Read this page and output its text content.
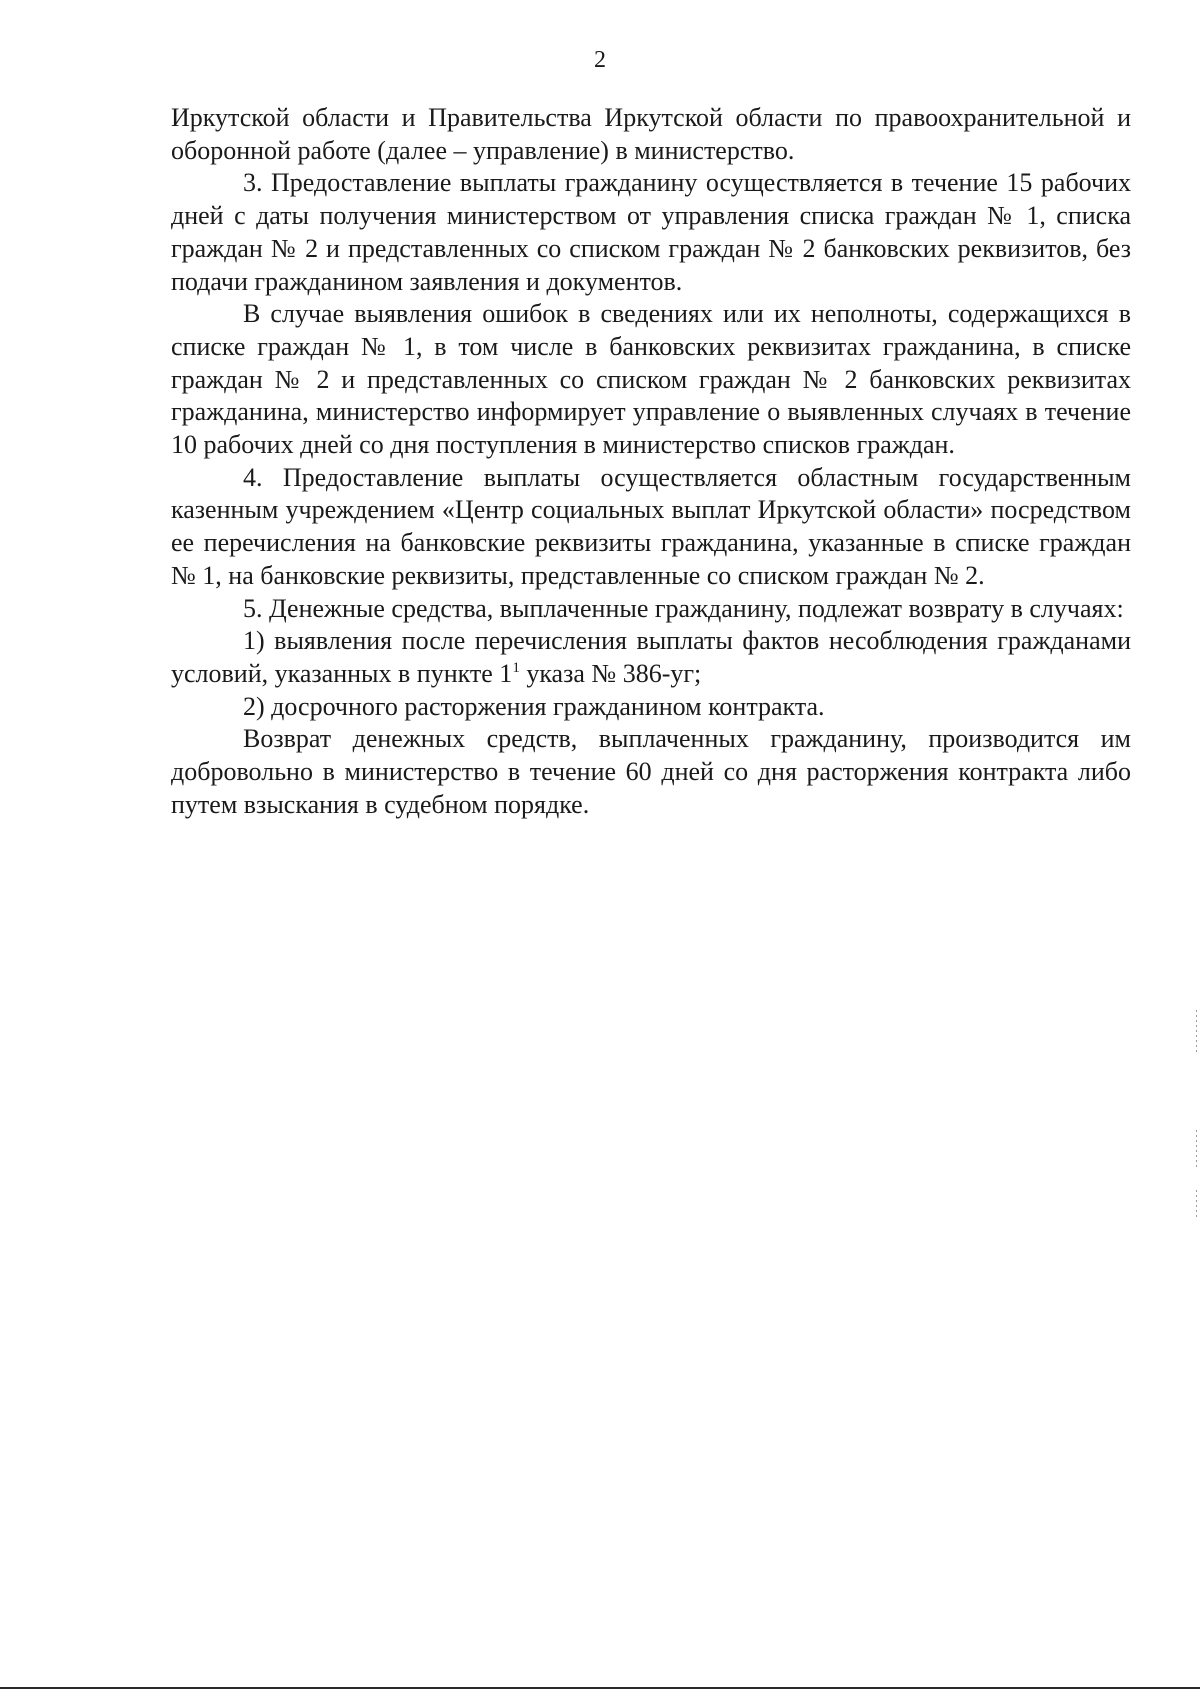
2

Иркутской области и Правительства Иркутской области по правоохранительной и оборонной работе (далее – управление) в министерство.

3. Предоставление выплаты гражданину осуществляется в течение 15 рабочих дней с даты получения министерством от управления списка граждан № 1, списка граждан № 2 и представленных со списком граждан № 2 банковских реквизитов, без подачи гражданином заявления и документов.

В случае выявления ошибок в сведениях или их неполноты, содержащихся в списке граждан № 1, в том числе в банковских реквизитах гражданина, в списке граждан № 2 и представленных со списком граждан № 2 банковских реквизитах гражданина, министерство информирует управление о выявленных случаях в течение 10 рабочих дней со дня поступления в министерство списков граждан.

4. Предоставление выплаты осуществляется областным государственным казенным учреждением «Центр социальных выплат Иркутской области» посредством ее перечисления на банковские реквизиты гражданина, указанные в списке граждан № 1, на банковские реквизиты, представленные со списком граждан № 2.

5. Денежные средства, выплаченные гражданину, подлежат возврату в случаях:

1) выявления после перечисления выплаты фактов несоблюдения гражданами условий, указанных в пункте $1^1$ указа № 386-уг;

2) досрочного расторжения гражданином контракта.

Возврат денежных средств, выплаченных гражданину, производится им добровольно в министерство в течение 60 дней со дня расторжения контракта либо путем взыскания в судебном порядке.
